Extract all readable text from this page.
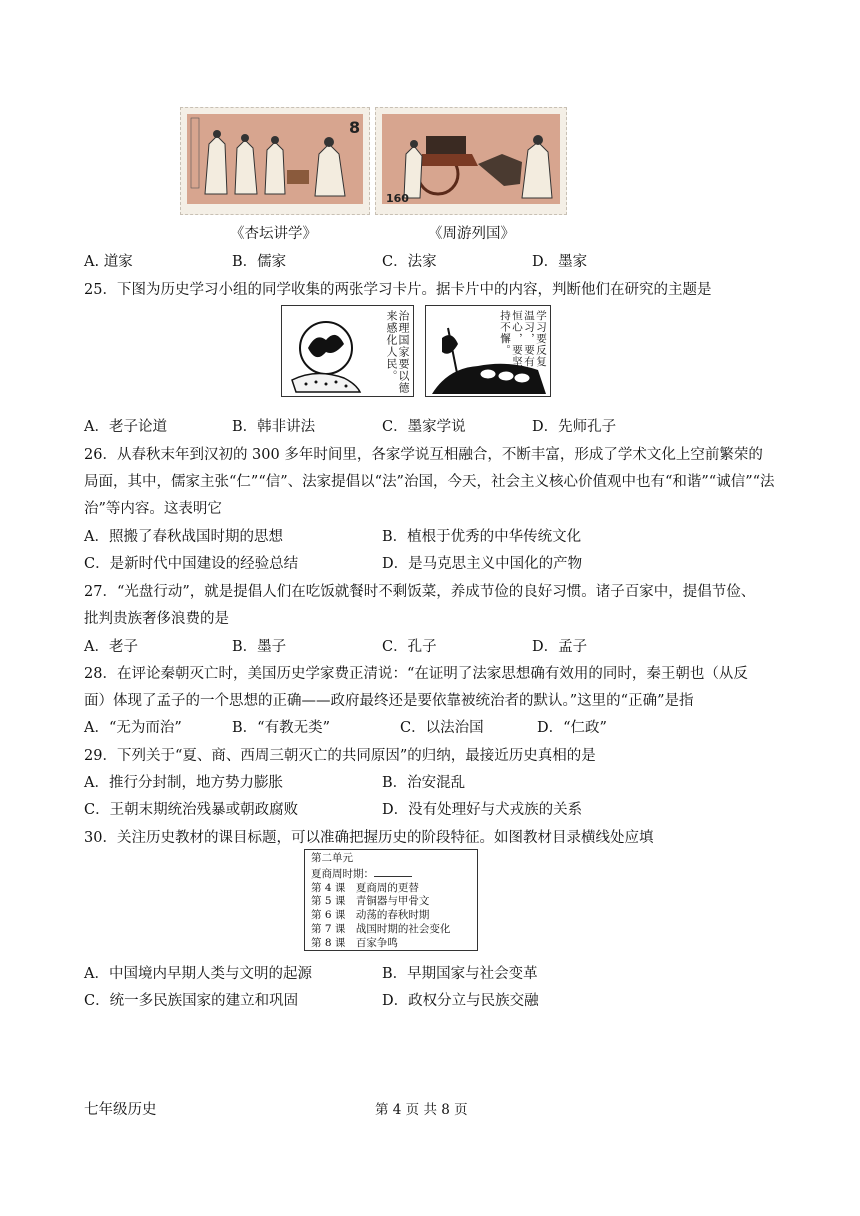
8
160
《杏坛讲学》	《周游列国》
A. 道家	B．儒家	C．法家	D．墨家
25．下图为历史学习小组的同学收集的两张学习卡片。据卡片中的内容，判断他们在研究的主题是
治理国家要以德来感化人民。	学习要反复温习，要有恒心，要坚持不懈。
A．老子论道	B．韩非讲法	C．墨家学说	D．先师孔子
26．从春秋末年到汉初的 300 多年时间里，各家学说互相融合，不断丰富，形成了学术文化上空前繁荣的
局面，其中，儒家主张“仁”“信”、法家提倡以“法”治国，今天，社会主义核心价值观中也有“和谐”“诚信”“法
治”等内容。这表明它
A．照搬了春秋战国时期的思想	B．植根于优秀的中华传统文化
C．是新时代中国建设的经验总结	D．是马克思主义中国化的产物
27．“光盘行动”，就是提倡人们在吃饭就餐时不剩饭菜，养成节俭的良好习惯。诸子百家中，提倡节俭、
批判贵族奢侈浪费的是
A．老子	B．墨子	C．孔子	D．孟子
28．在评论秦朝灭亡时，美国历史学家费正清说：“在证明了法家思想确有效用的同时，秦王朝也（从反
面）体现了孟子的一个思想的正确——政府最终还是要依靠被统治者的默认。”这里的“正确”是指
A．“无为而治”	B．“有教无类”	C．以法治国	D．“仁政”
29．下列关于“夏、商、西周三朝灭亡的共同原因”的归纳，最接近历史真相的是
A．推行分封制，地方势力膨胀	B．治安混乱
C．王朝末期统治残暴或朝政腐败	D．没有处理好与犬戎族的关系
30．关注历史教材的课目标题，可以准确把握历史的阶段特征。如图教材目录横线处应填
第二单元
夏商周时期：
第 4 课　夏商周的更替
第 5 课　青铜器与甲骨文
第 6 课　动荡的春秋时期
第 7 课　战国时期的社会变化
第 8 课　百家争鸣
A．中国境内早期人类与文明的起源	B．早期国家与社会变革
C．统一多民族国家的建立和巩固	D．政权分立与民族交融
七年级历史	第 4 页 共 8 页
